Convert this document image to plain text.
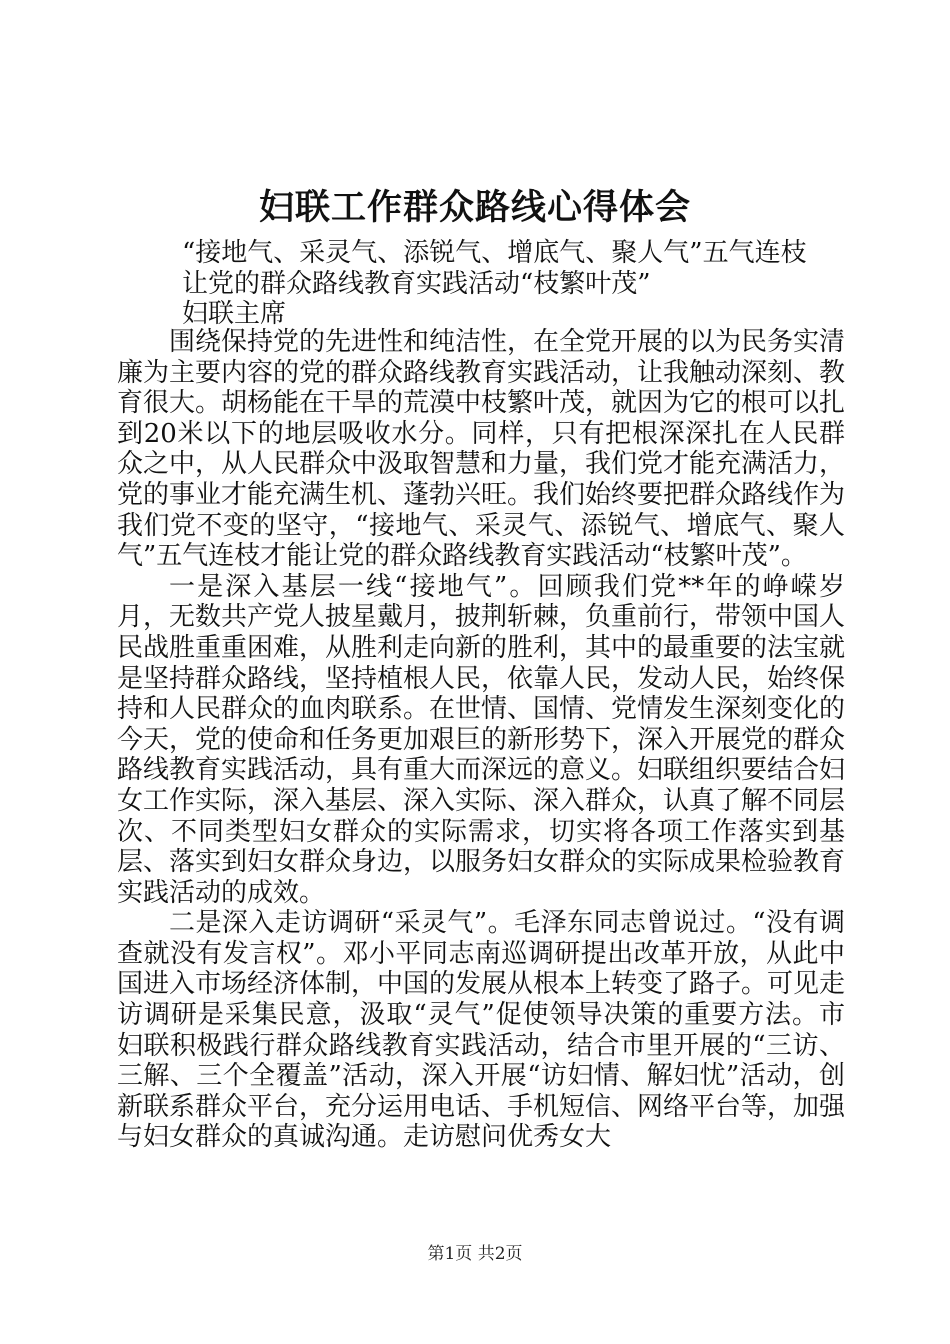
妇联工作群众路线心得体会
“接地气、采灵气、添锐气、增底气、聚人气”五气连枝
让党的群众路线教育实践活动“枝繁叶茂”
妇联主席

围绕保持党的先进性和纯洁性，在全党开展的以为民务实清廉为主要内容的党的群众路线教育实践活动，让我触动深刻、教育很大。胡杨能在干旱的荒漠中枝繁叶茂，就因为它的根可以扎到20米以下的地层吸收水分。同样，只有把根深深扎在人民群众之中，从人民群众中汲取智慧和力量，我们党才能充满活力，党的事业才能充满生机、蓬勃兴旺。我们始终要把群众路线作为我们党不变的坚守，“接地气、采灵气、添锐气、增底气、聚人气”五气连枝才能让党的群众路线教育实践活动“枝繁叶茂”。

一是深入基层一线“接地气”。回顾我们党**年的峥嵘岁月，无数共产党人披星戴月，披荆斩棘，负重前行，带领中国人民战胜重重困难，从胜利走向新的胜利，其中的最重要的法宝就是坚持群众路线，坚持植根人民，依靠人民，发动人民，始终保持和人民群众的血肉联系。在世情、国情、党情发生深刻变化的今天，党的使命和任务更加艰巨的新形势下，深入开展党的群众路线教育实践活动，具有重大而深远的意义。妇联组织要结合妇女工作实际，深入基层、深入实际、深入群众，认真了解不同层次、不同类型妇女群众的实际需求，切实将各项工作落实到基层、落实到妇女群众身边，以服务妇女群众的实际成果检验教育实践活动的成效。

二是深入走访调研“采灵气”。毛泽东同志曾说过。“没有调查就没有发言权”。邓小平同志南巡调研提出改革开放，从此中国进入市场经济体制，中国的发展从根本上转变了路子。可见走访调研是采集民意，汲取“灵气”促使领导决策的重要方法。市妇联积极践行群众路线教育实践活动，结合市里开展的“三访、三解、三个全覆盖”活动，深入开展“访妇情、解妇忧”活动，创新联系群众平台，充分运用电话、手机短信、网络平台等，加强与妇女群众的真诚沟通。走访慰问优秀女大

第1页 共2页
